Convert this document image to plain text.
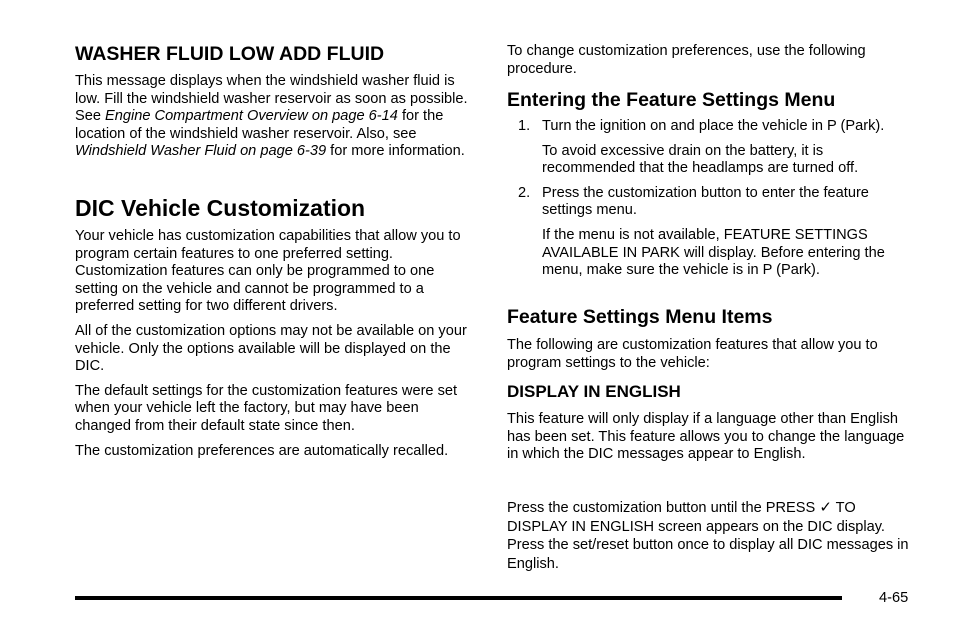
WASHER FLUID LOW ADD FLUID

This message displays when the windshield washer fluid is low. Fill the windshield washer reservoir as soon as possible. See Engine Compartment Overview on page 6-14 for the location of the windshield washer reservoir. Also, see Windshield Washer Fluid on page 6-39 for more information.

DIC Vehicle Customization

Your vehicle has customization capabilities that allow you to program certain features to one preferred setting. Customization features can only be programmed to one setting on the vehicle and cannot be programmed to a preferred setting for two different drivers.

All of the customization options may not be available on your vehicle. Only the options available will be displayed on the DIC.

The default settings for the customization features were set when your vehicle left the factory, but may have been changed from their default state since then.

The customization preferences are automatically recalled.

To change customization preferences, use the following procedure.

Entering the Feature Settings Menu
1. Turn the ignition on and place the vehicle in P (Park).

To avoid excessive drain on the battery, it is recommended that the headlamps are turned off.

2. Press the customization button to enter the feature settings menu.

If the menu is not available, FEATURE SETTINGS AVAILABLE IN PARK will display. Before entering the menu, make sure the vehicle is in P (Park).

Feature Settings Menu Items

The following are customization features that allow you to program settings to the vehicle:

DISPLAY IN ENGLISH

This feature will only display if a language other than English has been set. This feature allows you to change the language in which the DIC messages appear to English.

Press the customization button until the PRESS ✓ TO DISPLAY IN ENGLISH screen appears on the DIC display. Press the set/reset button once to display all DIC messages in English.

4-65
